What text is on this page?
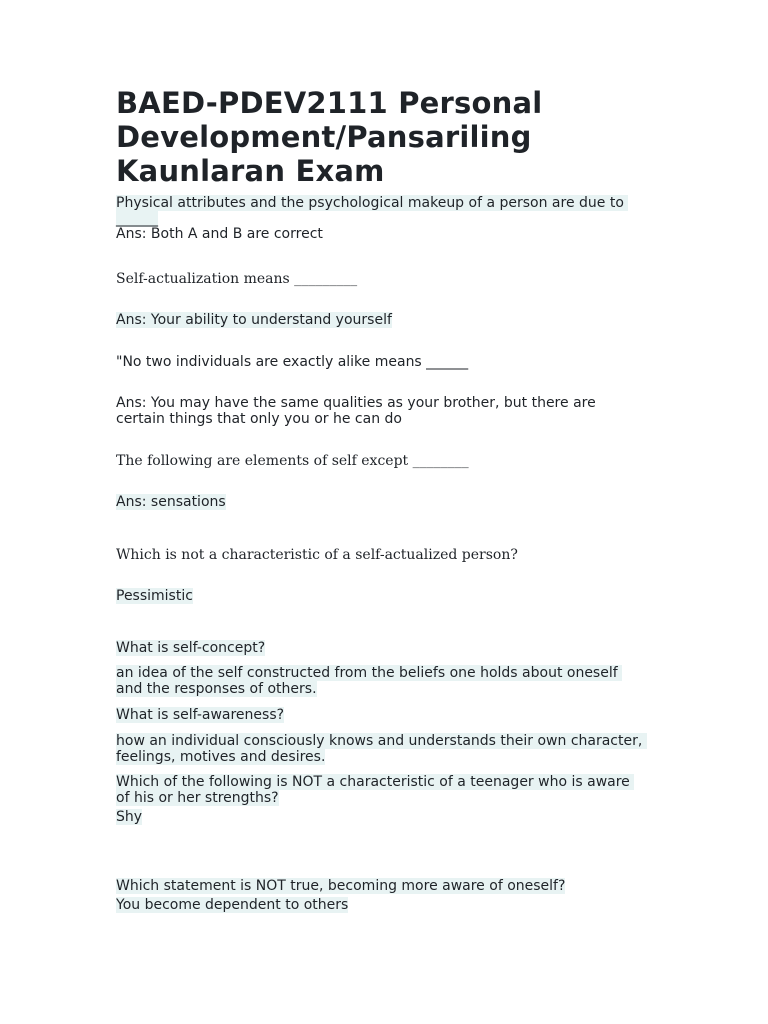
BAED-PDEV2111 Personal Development/Pansariling Kaunlaran Exam

Physical attributes and the psychological makeup of a person are due to ______

Ans: Both A and B are correct

Self-actualization means _________

Ans: Your ability to understand yourself

"No two individuals are exactly alike means ______

Ans: You may have the same qualities as your brother, but there are certain things that only you or he can do

The following are elements of self except ________

Ans: sensations

Which is not a characteristic of a self-actualized person?

Pessimistic

What is self-concept?

an idea of the self constructed from the beliefs one holds about oneself and the responses of others.

What is self-awareness?

how an individual consciously knows and understands their own character, feelings, motives and desires.

Which of the following is NOT a characteristic of a teenager who is aware of his or her strengths?

Shy

Which statement is NOT true, becoming more aware of oneself?

You become dependent to others
